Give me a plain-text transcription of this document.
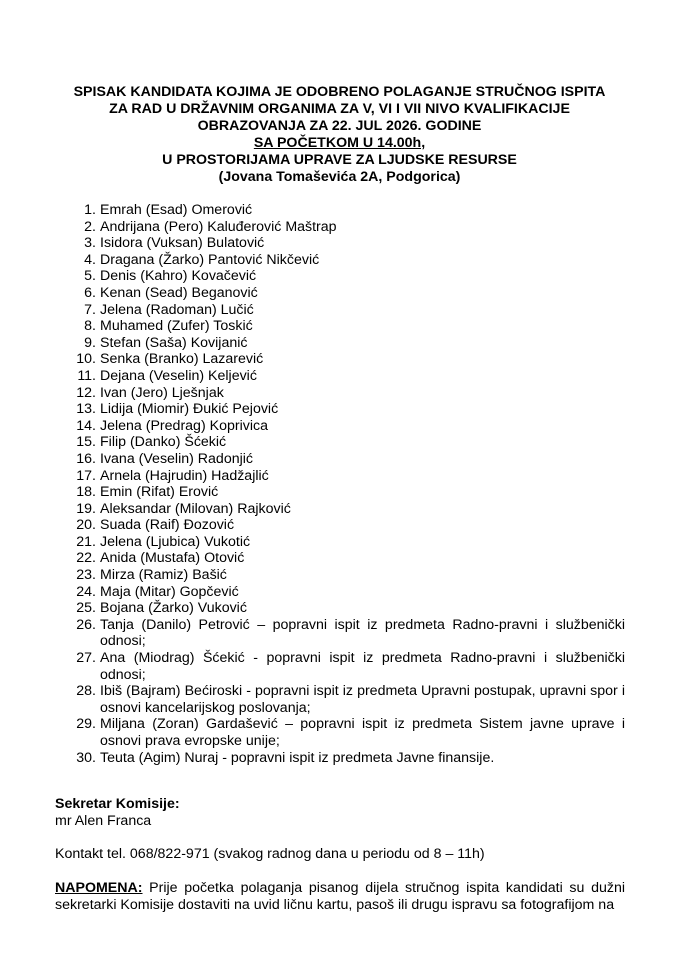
SPISAK KANDIDATA KOJIMA JE ODOBRENO POLAGANJE STRUČNOG ISPITA
ZA RAD U DRŽAVNIM ORGANIMA ZA V, VI I VII NIVO KVALIFIKACIJE
OBRAZOVANJA ZA 22. JUL 2026. GODINE
SA POČETKOM U 14.00h,
U PROSTORIJAMA UPRAVE ZA LJUDSKE RESURSE
(Jovana Tomaševića 2A, Podgorica)
1. Emrah (Esad) Omerović
2. Andrijana (Pero) Kaluđerović Maštrap
3. Isidora (Vuksan) Bulatović
4. Dragana (Žarko) Pantović Nikčević
5. Denis (Kahro) Kovačević
6. Kenan (Sead) Beganović
7. Jelena (Radoman) Lučić
8. Muhamed (Zufer) Toskić
9. Stefan (Saša) Kovijanić
10. Senka (Branko) Lazarević
11. Dejana (Veselin) Keljević
12. Ivan (Jero) Lješnjak
13. Lidija (Miomir) Đukić Pejović
14. Jelena (Predrag) Koprivica
15. Filip (Danko) Šćekić
16. Ivana (Veselin) Radonjić
17. Arnela (Hajrudin) Hadžajlić
18. Emin (Rifat) Erović
19. Aleksandar (Milovan) Rajković
20. Suada (Raif) Đozović
21. Jelena (Ljubica) Vukotić
22. Anida (Mustafa) Otović
23. Mirza (Ramiz) Bašić
24. Maja (Mitar) Gopčević
25. Bojana (Žarko) Vuković
26. Tanja (Danilo) Petrović – popravni ispit iz predmeta Radno-pravni i službenički odnosi;
27. Ana (Miodrag) Šćekić - popravni ispit iz predmeta Radno-pravni i službenički odnosi;
28. Ibiš (Bajram) Bećiroski - popravni ispit iz predmeta Upravni postupak, upravni spor i osnovi kancelarijskog poslovanja;
29. Miljana (Zoran) Gardašević – popravni ispit iz predmeta Sistem javne uprave i osnovi prava evropske unije;
30. Teuta (Agim) Nuraj - popravni ispit iz predmeta Javne finansije.
Sekretar Komisije:
mr Alen Franca
Kontakt tel. 068/822-971 (svakog radnog dana u periodu od 8 – 11h)
NAPOMENA: Prije početka polaganja pisanog dijela stručnog ispita kandidati su dužni sekretarki Komisije dostaviti na uvid ličnu kartu, pasoš ili drugu ispravu sa fotografijom na
